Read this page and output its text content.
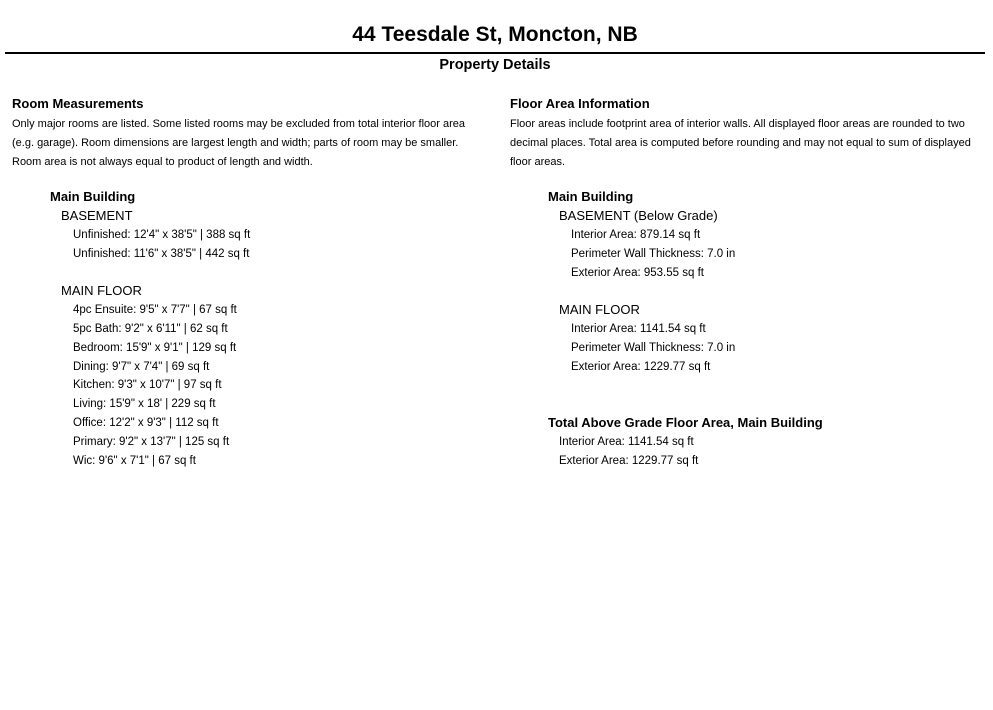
44 Teesdale St, Moncton, NB
Property Details
Room Measurements

Only major rooms are listed. Some listed rooms may be excluded from total interior floor area (e.g. garage). Room dimensions are largest length and width; parts of room may be smaller. Room area is not always equal to product of length and width.

Main Building
BASEMENT
Unfinished: 12'4" x 38'5" | 388 sq ft
Unfinished: 11'6" x 38'5" | 442 sq ft
MAIN FLOOR
4pc Ensuite: 9'5" x 7'7" | 67 sq ft
5pc Bath: 9'2" x 6'11" | 62 sq ft
Bedroom: 15'9" x 9'1" | 129 sq ft
Dining: 9'7" x 7'4" | 69 sq ft
Kitchen: 9'3" x 10'7" | 97 sq ft
Living: 15'9" x 18' | 229 sq ft
Office: 12'2" x 9'3" | 112 sq ft
Primary: 9'2" x 13'7" | 125 sq ft
Wic: 9'6" x 7'1" | 67 sq ft
Floor Area Information

Floor areas include footprint area of interior walls. All displayed floor areas are rounded to two decimal places. Total area is computed before rounding and may not equal to sum of displayed floor areas.

Main Building
BASEMENT (Below Grade)
Interior Area: 879.14 sq ft
Perimeter Wall Thickness: 7.0 in
Exterior Area: 953.55 sq ft
MAIN FLOOR
Interior Area: 1141.54 sq ft
Perimeter Wall Thickness: 7.0 in
Exterior Area: 1229.77 sq ft
Total Above Grade Floor Area, Main Building
Interior Area: 1141.54 sq ft
Exterior Area: 1229.77 sq ft
